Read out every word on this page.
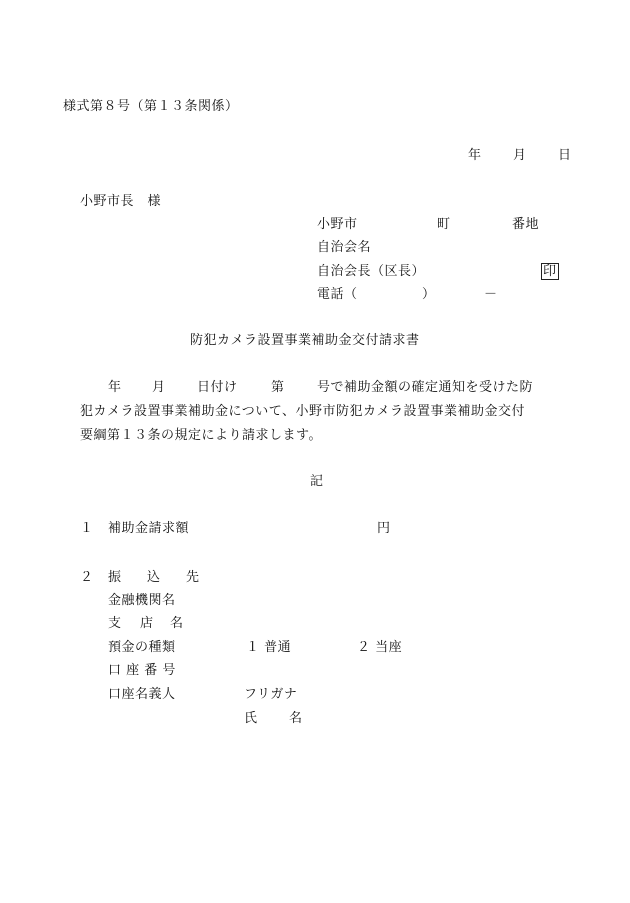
様式第８号（第１３条関係）
年 月 日
小野市長　様
小野市	町	番地
自治会名
自治会長（区長）	印
電話（	）	－
防犯カメラ設置事業補助金交付請求書
年 月 日付け	第 号で補助金額の確定通知を受けた防
犯カメラ設置事業補助金について、小野市防犯カメラ設置事業補助金交付
要綱第１３条の規定により請求します。
記
１ 補助金請求額	円
２ 振 込 先
金融機関名
支 店 名
預金の種類	１ 普通	２ 当座
口 座 番 号
口座名義人	フリガナ
氏 名
